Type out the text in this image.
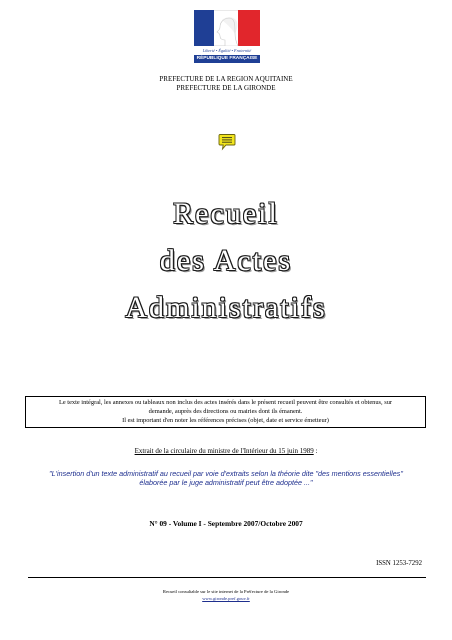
Liberté • Égalité • Fraternité
RÉPUBLIQUE FRANÇAISE
PREFECTURE DE LA REGION AQUITAINE
PREFECTURE DE LA GIRONDE
Recueil
des Actes
Administratifs
Le texte intégral, les annexes ou tableaux non inclus des actes insérés dans le présent recueil peuvent être consultés et obtenus, sur
demande, auprès des directions ou mairies dont ils émanent.
Il est important d'en noter les références précises (objet, date et service émetteur)
Extrait de la circulaire du ministre de l'Intérieur du 15 juin 1989 :
"L'insertion d'un texte administratif au recueil par voie d'extraits selon la théorie dite "des mentions essentielles"
élaborée par le juge administratif peut être adoptée ..."
N° 09 - Volume I - Septembre 2007/Octobre 2007
ISSN 1253-7292
Recueil consultable sur le site internet de la Préfecture de la Gironde
www.gironde.pref.gouv.fr
